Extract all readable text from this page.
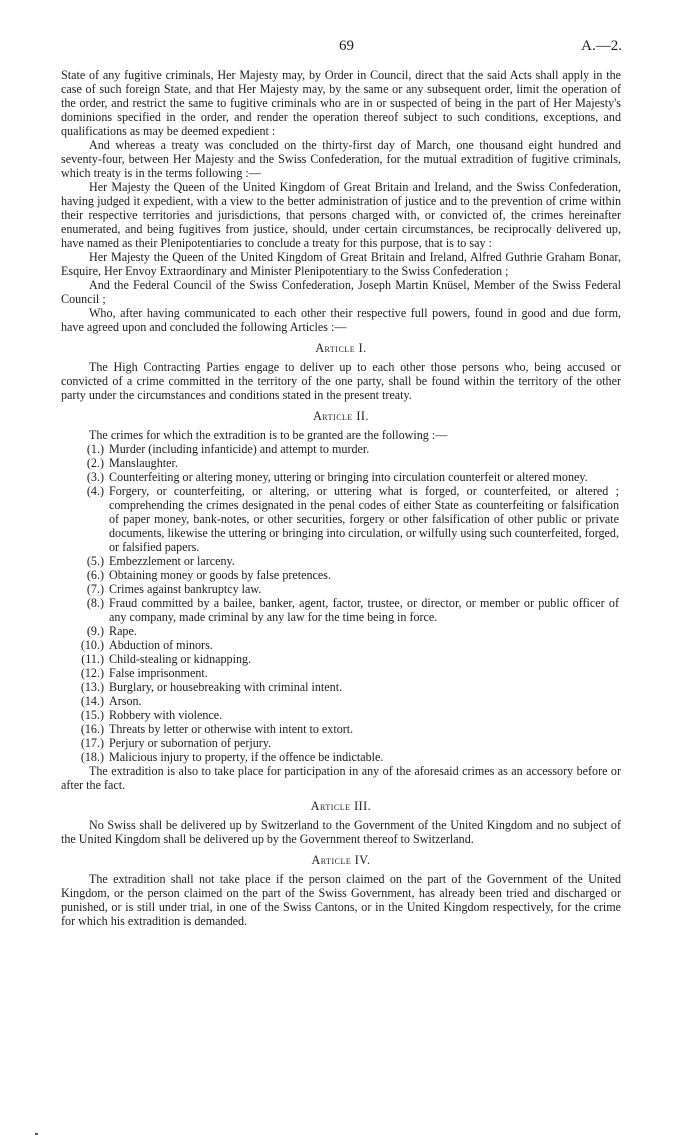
69	A.—2.

State of any fugitive criminals, Her Majesty may, by Order in Council, direct that the said Acts shall apply in the case of such foreign State, and that Her Majesty may, by the same or any subsequent order, limit the operation of the order, and restrict the same to fugitive criminals who are in or suspected of being in the part of Her Majesty's dominions specified in the order, and render the operation thereof subject to such conditions, exceptions, and qualifications as may be deemed expedient :

And whereas a treaty was concluded on the thirty-first day of March, one thousand eight hundred and seventy-four, between Her Majesty and the Swiss Confederation, for the mutual extradition of fugitive criminals, which treaty is in the terms following :—

Her Majesty the Queen of the United Kingdom of Great Britain and Ireland, and the Swiss Confederation, having judged it expedient, with a view to the better administration of justice and to the prevention of crime within their respective territories and jurisdictions, that persons charged with, or convicted of, the crimes hereinafter enumerated, and being fugitives from justice, should, under certain circumstances, be reciprocally delivered up, have named as their Plenipotentiaries to conclude a treaty for this purpose, that is to say :

Her Majesty the Queen of the United Kingdom of Great Britain and Ireland, Alfred Guthrie Graham Bonar, Esquire, Her Envoy Extraordinary and Minister Plenipotentiary to the Swiss Confederation ;

And the Federal Council of the Swiss Confederation, Joseph Martin Knüsel, Member of the Swiss Federal Council ;

Who, after having communicated to each other their respective full powers, found in good and due form, have agreed upon and concluded the following Articles :—

Article I.

The High Contracting Parties engage to deliver up to each other those persons who, being accused or convicted of a crime committed in the territory of the one party, shall be found within the territory of the other party under the circumstances and conditions stated in the present treaty.

Article II.

The crimes for which the extradition is to be granted are the following :—

(1.) Murder (including infanticide) and attempt to murder.
(2.) Manslaughter.
(3.) Counterfeiting or altering money, uttering or bringing into circulation counterfeit or altered money.
(4.) Forgery, or counterfeiting, or altering, or uttering what is forged, or counterfeited, or altered ; comprehending the crimes designated in the penal codes of either State as counterfeiting or falsification of paper money, bank-notes, or other securities, forgery or other falsification of other public or private documents, likewise the uttering or bringing into circulation, or wilfully using such counterfeited, forged, or falsified papers.
(5.) Embezzlement or larceny.
(6.) Obtaining money or goods by false pretences.
(7.) Crimes against bankruptcy law.
(8.) Fraud committed by a bailee, banker, agent, factor, trustee, or director, or member or public officer of any company, made criminal by any law for the time being in force.
(9.) Rape.
(10.) Abduction of minors.
(11.) Child-stealing or kidnapping.
(12.) False imprisonment.
(13.) Burglary, or housebreaking with criminal intent.
(14.) Arson.
(15.) Robbery with violence.
(16.) Threats by letter or otherwise with intent to extort.
(17.) Perjury or subornation of perjury.
(18.) Malicious injury to property, if the offence be indictable.

The extradition is also to take place for participation in any of the aforesaid crimes as an accessory before or after the fact.

Article III.

No Swiss shall be delivered up by Switzerland to the Government of the United Kingdom and no subject of the United Kingdom shall be delivered up by the Government thereof to Switzerland.

Article IV.

The extradition shall not take place if the person claimed on the part of the Government of the United Kingdom, or the person claimed on the part of the Swiss Government, has already been tried and discharged or punished, or is still under trial, in one of the Swiss Cantons, or in the United Kingdom respectively, for the crime for which his extradition is demanded.
